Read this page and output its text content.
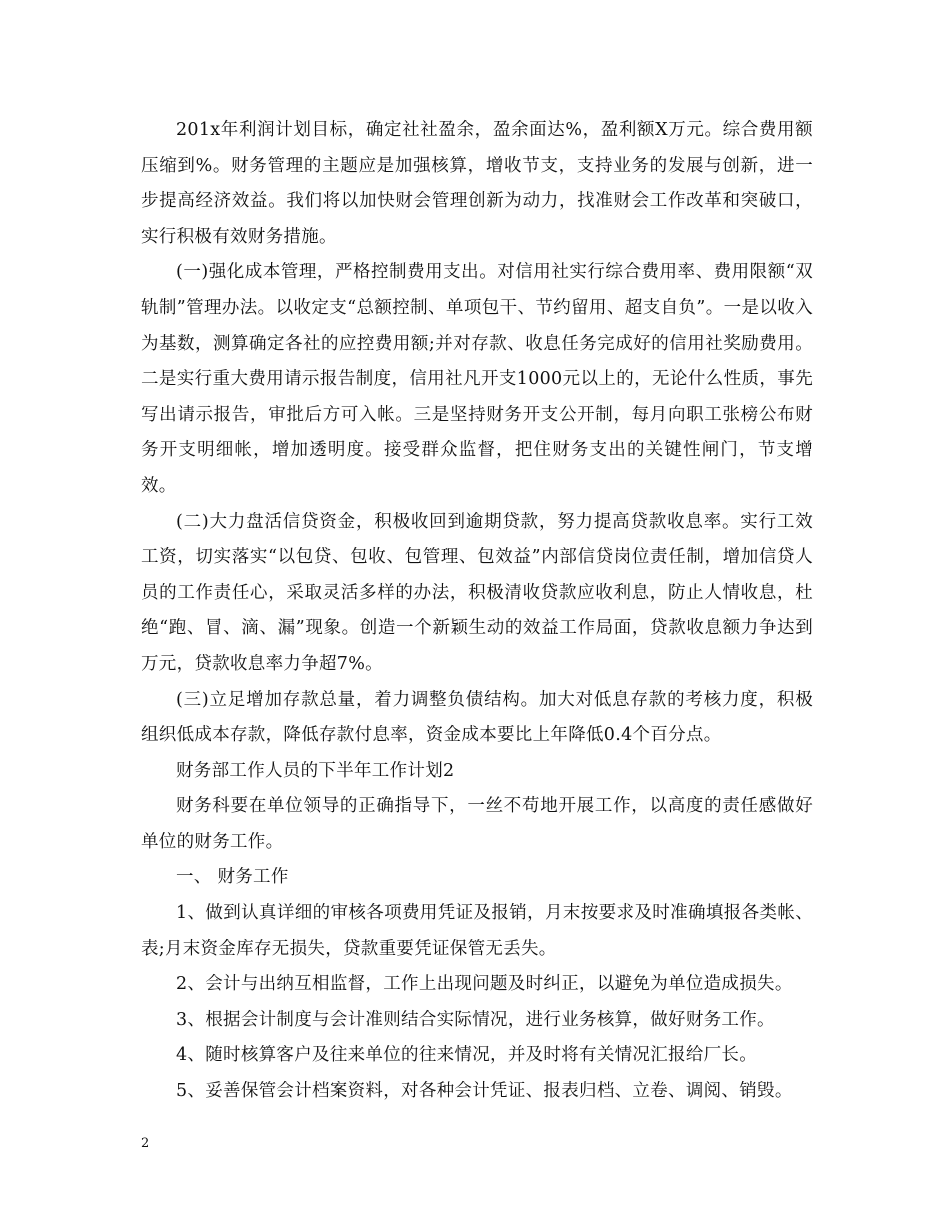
201x年利润计划目标，确定社社盈余，盈余面达%，盈利额X万元。综合费用额压缩到%。财务管理的主题应是加强核算，增收节支，支持业务的发展与创新，进一步提高经济效益。我们将以加快财会管理创新为动力，找准财会工作改革和突破口，实行积极有效财务措施。

(一)强化成本管理，严格控制费用支出。对信用社实行综合费用率、费用限额“双轨制”管理办法。以收定支“总额控制、单项包干、节约留用、超支自负”。一是以收入为基数，测算确定各社的应控费用额;并对存款、收息任务完成好的信用社奖励费用。二是实行重大费用请示报告制度，信用社凡开支1000元以上的，无论什么性质，事先写出请示报告，审批后方可入帐。三是坚持财务开支公开制，每月向职工张榜公布财务开支明细帐，增加透明度。接受群众监督，把住财务支出的关键性闸门，节支增效。

(二)大力盘活信贷资金，积极收回到逾期贷款，努力提高贷款收息率。实行工效工资，切实落实“以包贷、包收、包管理、包效益”内部信贷岗位责任制，增加信贷人员的工作责任心，采取灵活多样的办法，积极清收贷款应收利息，防止人情收息，杜绝“跑、冒、滴、漏”现象。创造一个新颖生动的效益工作局面，贷款收息额力争达到万元，贷款收息率力争超7%。

(三)立足增加存款总量，着力调整负债结构。加大对低息存款的考核力度，积极组织低成本存款，降低存款付息率，资金成本要比上年降低0.4个百分点。

财务部工作人员的下半年工作计划2

财务科要在单位领导的正确指导下，一丝不苟地开展工作，以高度的责任感做好单位的财务工作。

一、 财务工作

1、做到认真详细的审核各项费用凭证及报销，月末按要求及时准确填报各类帐、表;月末资金库存无损失，贷款重要凭证保管无丢失。

2、会计与出纳互相监督，工作上出现问题及时纠正，以避免为单位造成损失。

3、根据会计制度与会计准则结合实际情况，进行业务核算，做好财务工作。

4、随时核算客户及往来单位的往来情况，并及时将有关情况汇报给厂长。

5、妥善保管会计档案资料，对各种会计凭证、报表归档、立卷、调阅、销毁。

2
